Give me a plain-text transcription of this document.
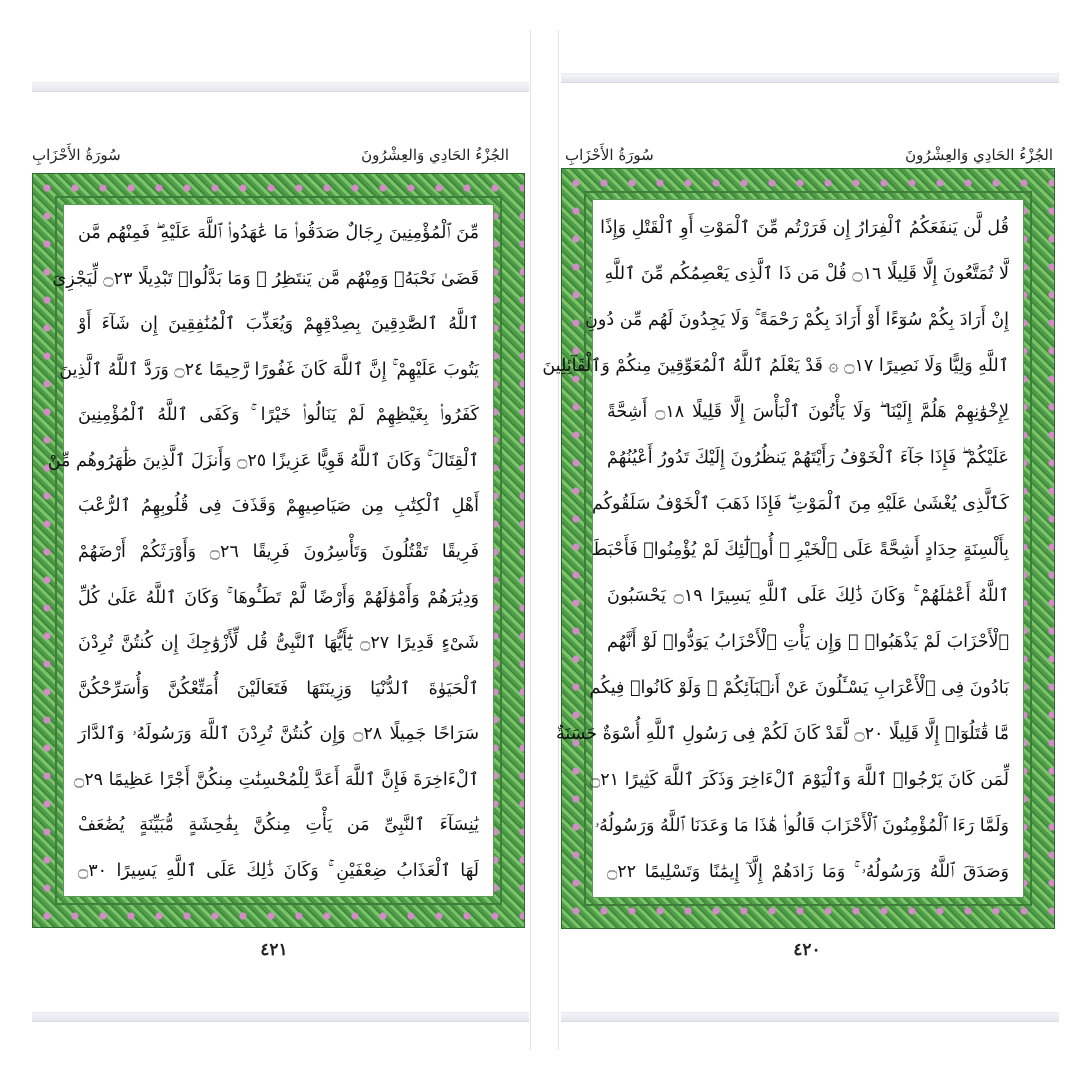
سُورَةُ الأَحْزَابِ	الجُزْءُ الحَادِي وَالعِشْرُونَ
مِّنَ ٱلْمُؤْمِنِينَ رِجَالٌ صَدَقُوا۟ مَا عَٰهَدُوا۟ ٱللَّهَ عَلَيْهِ ۖ فَمِنْهُم مَّن
قَضَىٰ نَحْبَهُۥ وَمِنْهُم مَّن يَنتَظِرُ ۖ وَمَا بَدَّلُوا۟ تَبْدِيلًا ۝٢٣ لِّيَجْزِىَ
ٱللَّهُ ٱلصَّٰدِقِينَ بِصِدْقِهِمْ وَيُعَذِّبَ ٱلْمُنَٰفِقِينَ إِن شَآءَ أَوْ
يَتُوبَ عَلَيْهِمْ ۚ إِنَّ ٱللَّهَ كَانَ غَفُورًا رَّحِيمًا ۝٢٤ وَرَدَّ ٱللَّهُ ٱلَّذِينَ
كَفَرُوا۟ بِغَيْظِهِمْ لَمْ يَنَالُوا۟ خَيْرًا ۚ وَكَفَى ٱللَّهُ ٱلْمُؤْمِنِينَ
ٱلْقِتَالَ ۚ وَكَانَ ٱللَّهُ قَوِيًّا عَزِيزًا ۝٢٥ وَأَنزَلَ ٱلَّذِينَ ظَٰهَرُوهُم مِّنْ
أَهْلِ ٱلْكِتَٰبِ مِن صَيَاصِيهِمْ وَقَذَفَ فِى قُلُوبِهِمُ ٱلرُّعْبَ
فَرِيقًا تَقْتُلُونَ وَتَأْسِرُونَ فَرِيقًا ۝٢٦ وَأَوْرَثَكُمْ أَرْضَهُمْ
وَدِيَٰرَهُمْ وَأَمْوَٰلَهُمْ وَأَرْضًا لَّمْ تَطَـُٔوهَا ۚ وَكَانَ ٱللَّهُ عَلَىٰ كُلِّ
شَىْءٍ قَدِيرًا ۝٢٧ يَٰٓأَيُّهَا ٱلنَّبِىُّ قُل لِّأَزْوَٰجِكَ إِن كُنتُنَّ تُرِدْنَ
ٱلْحَيَوٰةَ ٱلدُّنْيَا وَزِينَتَهَا فَتَعَالَيْنَ أُمَتِّعْكُنَّ وَأُسَرِّحْكُنَّ
سَرَاحًا جَمِيلًا ۝٢٨ وَإِن كُنتُنَّ تُرِدْنَ ٱللَّهَ وَرَسُولَهُۥ وَٱلدَّارَ
ٱلْءَاخِرَةَ فَإِنَّ ٱللَّهَ أَعَدَّ لِلْمُحْسِنَٰتِ مِنكُنَّ أَجْرًا عَظِيمًا ۝٢٩
يَٰنِسَآءَ ٱلنَّبِىِّ مَن يَأْتِ مِنكُنَّ بِفَٰحِشَةٍ مُّبَيِّنَةٍ يُضَٰعَفْ
لَهَا ٱلْعَذَابُ ضِعْفَيْنِ ۚ وَكَانَ ذَٰلِكَ عَلَى ٱللَّهِ يَسِيرًا ۝٣٠
٤٢١
سُورَةُ الأَحْزَابِ	الجُزْءُ الحَادِي وَالعِشْرُونَ
قُل لَّن يَنفَعَكُمُ ٱلْفِرَارُ إِن فَرَرْتُم مِّنَ ٱلْمَوْتِ أَوِ ٱلْقَتْلِ وَإِذًا
لَّا تُمَتَّعُونَ إِلَّا قَلِيلًا ۝١٦ قُلْ مَن ذَا ٱلَّذِى يَعْصِمُكُم مِّنَ ٱللَّهِ
إِنْ أَرَادَ بِكُمْ سُوٓءًا أَوْ أَرَادَ بِكُمْ رَحْمَةً ۚ وَلَا يَجِدُونَ لَهُم مِّن دُونِ
ٱللَّهِ وَلِيًّا وَلَا نَصِيرًا ۝١٧ ۞ قَدْ يَعْلَمُ ٱللَّهُ ٱلْمُعَوِّقِينَ مِنكُمْ وَٱلْقَآئِلِينَ
لِإِخْوَٰنِهِمْ هَلُمَّ إِلَيْنَا ۖ وَلَا يَأْتُونَ ٱلْبَأْسَ إِلَّا قَلِيلًا ۝١٨ أَشِحَّةً
عَلَيْكُمْ ۖ فَإِذَا جَآءَ ٱلْخَوْفُ رَأَيْتَهُمْ يَنظُرُونَ إِلَيْكَ تَدُورُ أَعْيُنُهُمْ
كَٱلَّذِى يُغْشَىٰ عَلَيْهِ مِنَ ٱلْمَوْتِ ۖ فَإِذَا ذَهَبَ ٱلْخَوْفُ سَلَقُوكُم
بِأَلْسِنَةٍ حِدَادٍ أَشِحَّةً عَلَى ٱلْخَيْرِ ۚ أُو۟لَٰٓئِكَ لَمْ يُؤْمِنُوا۟ فَأَحْبَطَ
ٱللَّهُ أَعْمَٰلَهُمْ ۚ وَكَانَ ذَٰلِكَ عَلَى ٱللَّهِ يَسِيرًا ۝١٩ يَحْسَبُونَ
ٱلْأَحْزَابَ لَمْ يَذْهَبُوا۟ ۖ وَإِن يَأْتِ ٱلْأَحْزَابُ يَوَدُّوا۟ لَوْ أَنَّهُم
بَادُونَ فِى ٱلْأَعْرَابِ يَسْـَٔلُونَ عَنْ أَنۢبَآئِكُمْ ۖ وَلَوْ كَانُوا۟ فِيكُم
مَّا قَٰتَلُوٓا۟ إِلَّا قَلِيلًا ۝٢٠ لَّقَدْ كَانَ لَكُمْ فِى رَسُولِ ٱللَّهِ أُسْوَةٌ حَسَنَةٌ
لِّمَن كَانَ يَرْجُوا۟ ٱللَّهَ وَٱلْيَوْمَ ٱلْءَاخِرَ وَذَكَرَ ٱللَّهَ كَثِيرًا ۝٢١
وَلَمَّا رَءَا ٱلْمُؤْمِنُونَ ٱلْأَحْزَابَ قَالُوا۟ هَٰذَا مَا وَعَدَنَا ٱللَّهُ وَرَسُولُهُۥ
وَصَدَقَ ٱللَّهُ وَرَسُولُهُۥ ۚ وَمَا زَادَهُمْ إِلَّآ إِيمَٰنًا وَتَسْلِيمًا ۝٢٢
٤٢٠
